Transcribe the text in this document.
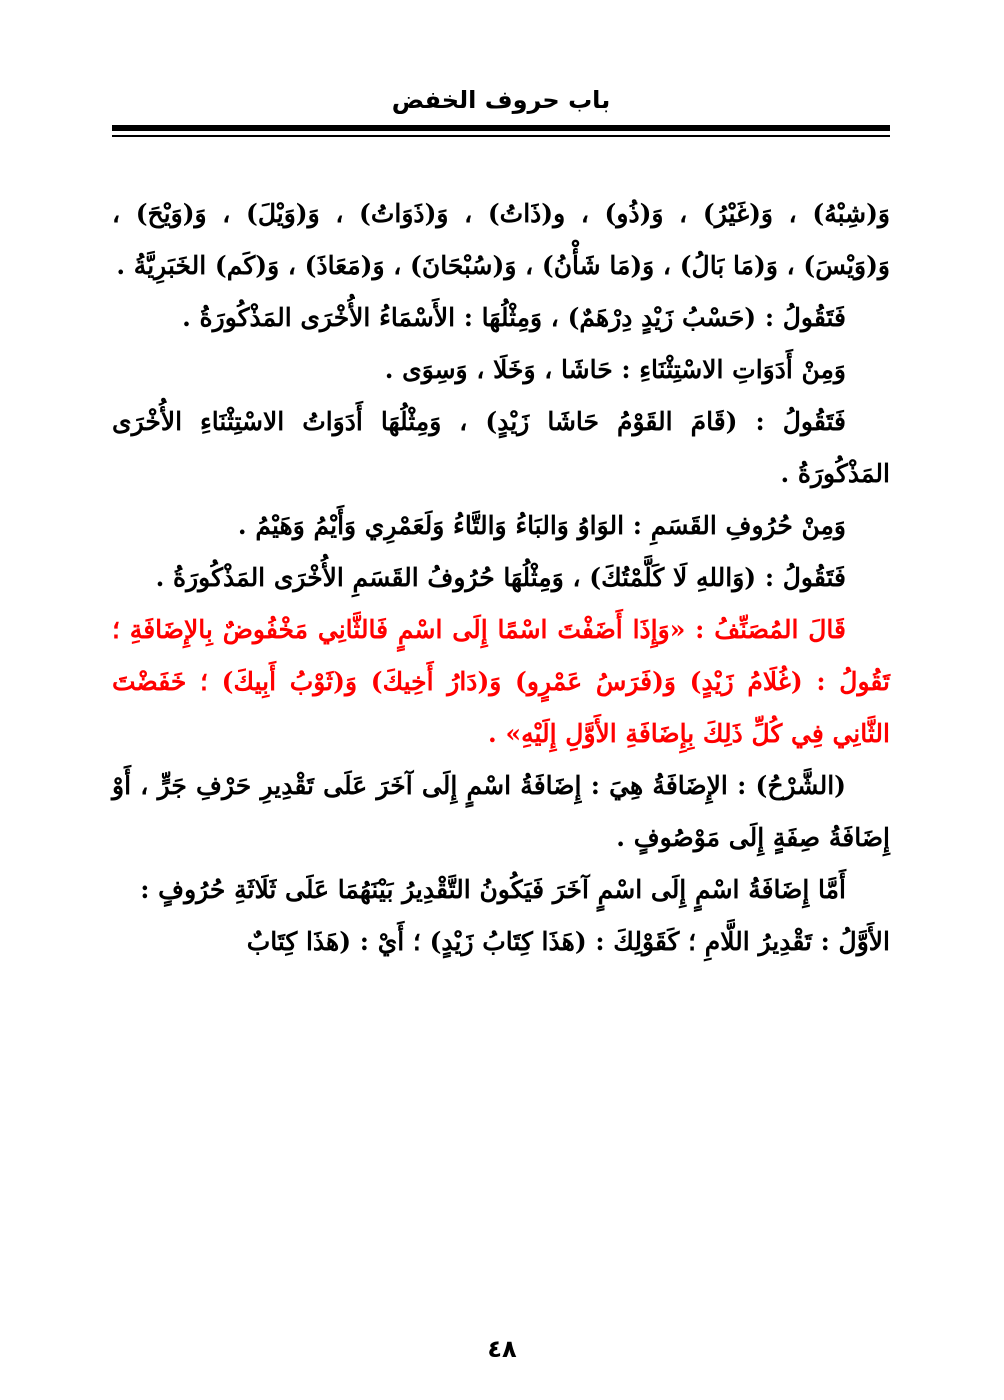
باب حروف الخفض

وَ(شِبْهُ) ، وَ(غَيْرُ) ، وَ(ذُو) ، و(ذَاتُ) ، وَ(ذَوَاتُ) ، وَ(وَيْلَ) ، وَ(وَيْحَ) ، وَ(وَيْسَ) ، وَ(مَا بَالُ) ، وَ(مَا شَأْنُ) ، وَ(سُبْحَانَ) ، وَ(مَعَاذَ) ، وَ(كَم) الخَبَرِيَّةُ .

فَتَقُولُ : (حَسْبُ زَيْدٍ دِرْهَمٌ) ، وَمِثْلُهَا : الأَسْمَاءُ الأُخْرَى المَذْكُورَةُ .

وَمِنْ أَدَوَاتِ الاسْتِثْنَاءِ : حَاشَا ، وَخَلَا ، وَسِوَى .

فَتَقُولُ : (قَامَ القَوْمُ حَاشَا زَيْدٍ) ، وَمِثْلُهَا أَدَوَاتُ الاسْتِثْنَاءِ الأُخْرَى المَذْكُورَةُ .

وَمِنْ حُرُوفِ القَسَمِ : الوَاوُ وَالبَاءُ وَالتَّاءُ وَلَعَمْرِي وَأَيْمُ وَهَيْمُ .

فَتَقُولُ : (وَاللهِ لَا كَلَّمْتُكَ) ، وَمِثْلُهَا حُرُوفُ القَسَمِ الأُخْرَى المَذْكُورَةُ .

قَالَ المُصَنِّفُ : «وَإِذَا أَضَفْتَ اسْمًا إِلَى اسْمٍ فَالثَّانِي مَخْفُوضٌ بِالإِضَافَةِ ؛ تَقُولُ : (غُلَامُ زَيْدٍ) وَ(فَرَسُ عَمْرٍو) وَ(دَارُ أَخِيكَ) وَ(ثَوْبُ أَبِيكَ) ؛ خَفَضْتَ الثَّانِي فِي كُلِّ ذَلِكَ بِإِضَافَةِ الأَوَّلِ إِلَيْهِ» .

(الشَّرْحُ) : الإِضَافَةُ هِيَ : إِضَافَةُ اسْمٍ إِلَى آخَرَ عَلَى تَقْدِيرِ حَرْفِ جَرٍّ ، أَوْ إِضَافَةُ صِفَةٍ إِلَى مَوْصُوفٍ .

أَمَّا إِضَافَةُ اسْمٍ إِلَى اسْمٍ آخَرَ فَيَكُونُ التَّقْدِيرُ بَيْنَهُمَا عَلَى ثَلَاثَةِ حُرُوفٍ :

الأَوَّلُ : تَقْدِيرُ اللَّامِ ؛ كَقَوْلِكَ : (هَذَا كِتَابُ زَيْدٍ) ؛ أَيْ : (هَذَا كِتَابٌ

٤٨
